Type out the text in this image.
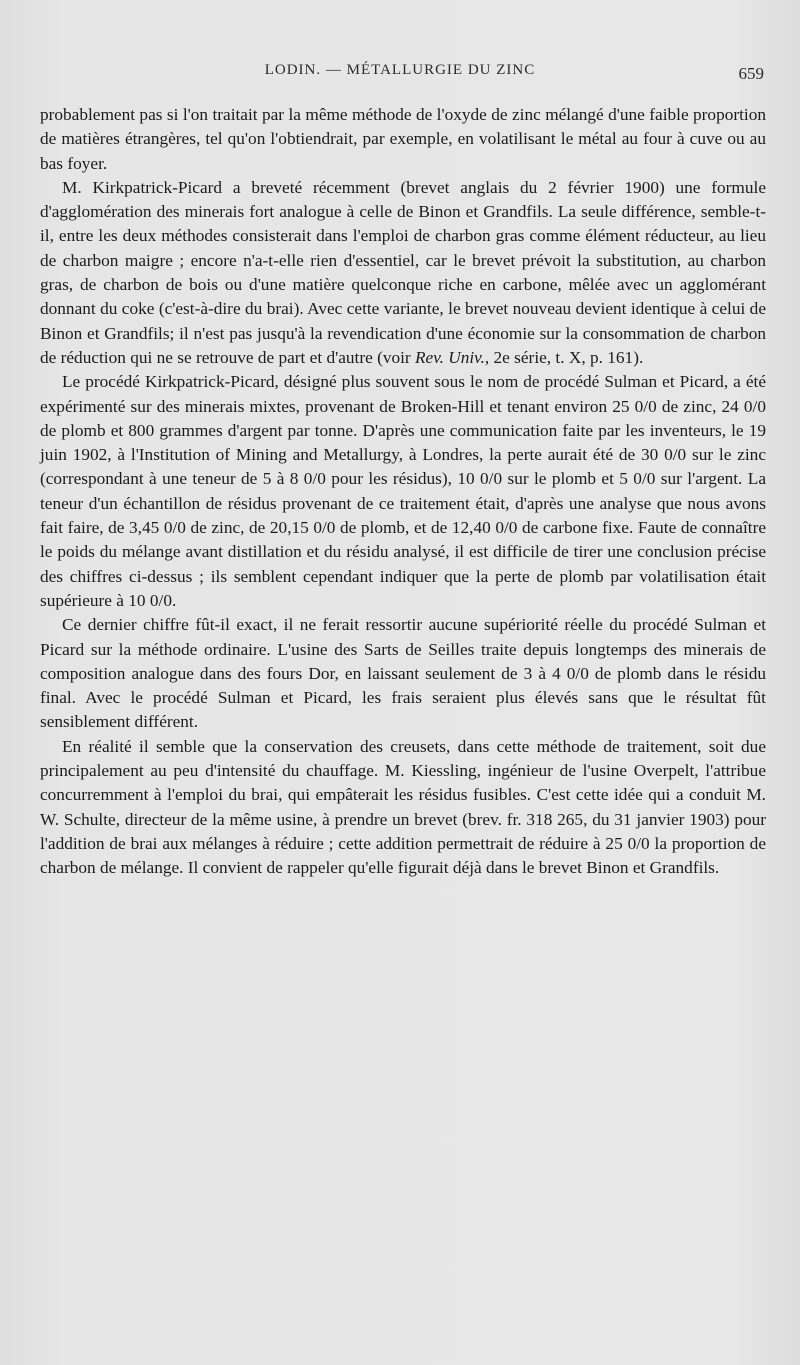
LODIN. — MÉTALLURGIE DU ZINC	659

probablement pas si l'on traitait par la même méthode de l'oxyde de zinc mélangé d'une faible proportion de matières étrangères, tel qu'on l'obtiendrait, par exemple, en volatilisant le métal au four à cuve ou au bas foyer.

M. Kirkpatrick-Picard a breveté récemment (brevet anglais du 2 février 1900) une formule d'agglomération des minerais fort analogue à celle de Binon et Grandfils. La seule différence, semble-t-il, entre les deux méthodes consisterait dans l'emploi de charbon gras comme élément réducteur, au lieu de charbon maigre ; encore n'a-t-elle rien d'essentiel, car le brevet prévoit la substitution, au charbon gras, de charbon de bois ou d'une matière quelconque riche en carbone, mêlée avec un agglomérant donnant du coke (c'est-à-dire du brai). Avec cette variante, le brevet nouveau devient identique à celui de Binon et Grandfils; il n'est pas jusqu'à la revendication d'une économie sur la consommation de charbon de réduction qui ne se retrouve de part et d'autre (voir Rev. Univ., 2e série, t. X, p. 161).

Le procédé Kirkpatrick-Picard, désigné plus souvent sous le nom de procédé Sulman et Picard, a été expérimenté sur des minerais mixtes, provenant de Broken-Hill et tenant environ 25 0/0 de zinc, 24 0/0 de plomb et 800 grammes d'argent par tonne. D'après une communication faite par les inventeurs, le 19 juin 1902, à l'Institution of Mining and Metallurgy, à Londres, la perte aurait été de 30 0/0 sur le zinc (correspondant à une teneur de 5 à 8 0/0 pour les résidus), 10 0/0 sur le plomb et 5 0/0 sur l'argent. La teneur d'un échantillon de résidus provenant de ce traitement était, d'après une analyse que nous avons fait faire, de 3,45 0/0 de zinc, de 20,15 0/0 de plomb, et de 12,40 0/0 de carbone fixe. Faute de connaître le poids du mélange avant distillation et du résidu analysé, il est difficile de tirer une conclusion précise des chiffres ci-dessus ; ils semblent cependant indiquer que la perte de plomb par volatilisation était supérieure à 10 0/0.

Ce dernier chiffre fût-il exact, il ne ferait ressortir aucune supériorité réelle du procédé Sulman et Picard sur la méthode ordinaire. L'usine des Sarts de Seilles traite depuis longtemps des minerais de composition analogue dans des fours Dor, en laissant seulement de 3 à 4 0/0 de plomb dans le résidu final. Avec le procédé Sulman et Picard, les frais seraient plus élevés sans que le résultat fût sensiblement différent.

En réalité il semble que la conservation des creusets, dans cette méthode de traitement, soit due principalement au peu d'intensité du chauffage. M. Kiessling, ingénieur de l'usine Overpelt, l'attribue concurremment à l'emploi du brai, qui empâterait les résidus fusibles. C'est cette idée qui a conduit M. W. Schulte, directeur de la même usine, à prendre un brevet (brev. fr. 318 265, du 31 janvier 1903) pour l'addition de brai aux mélanges à réduire ; cette addition permettrait de réduire à 25 0/0 la proportion de charbon de mélange. Il convient de rappeler qu'elle figurait déjà dans le brevet Binon et Grandfils.
